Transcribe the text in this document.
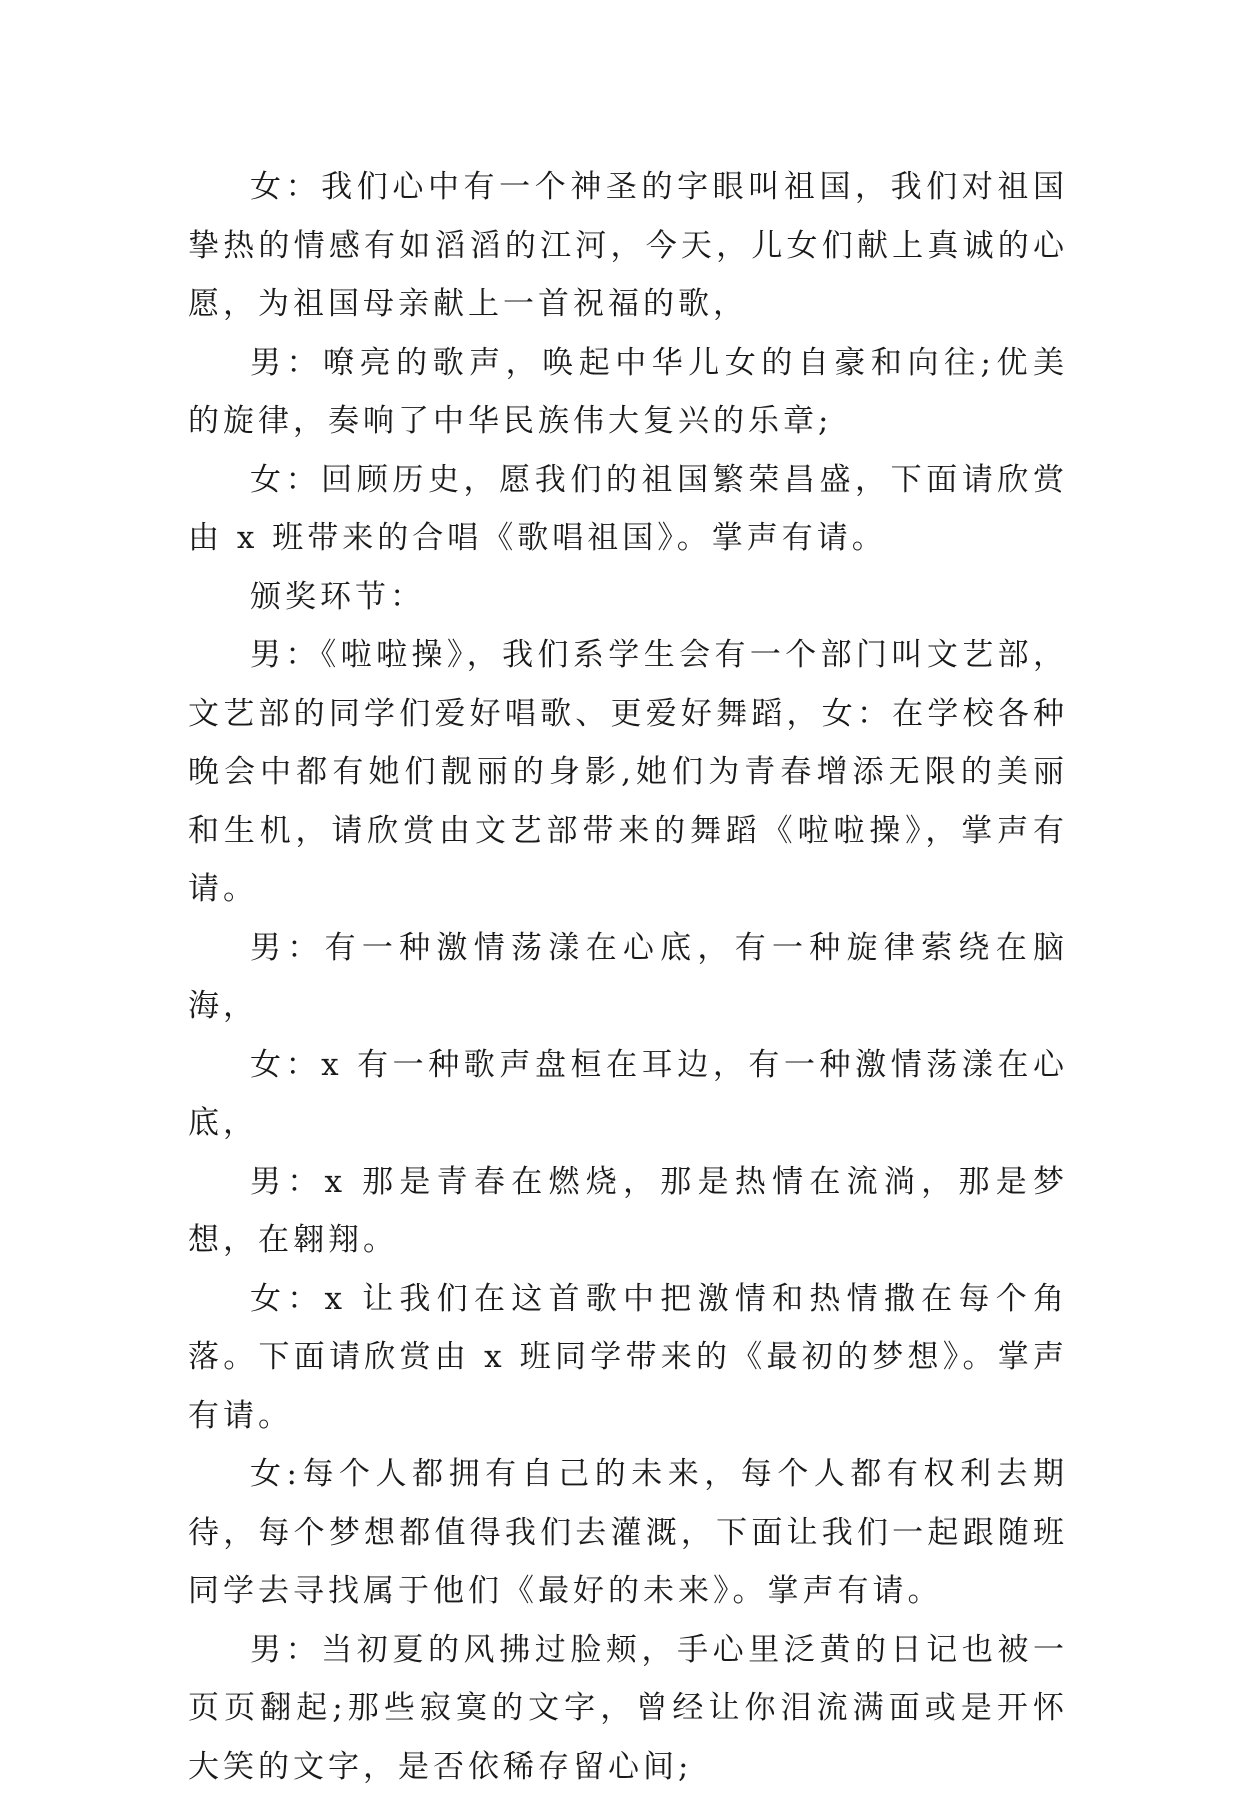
女：我们心中有一个神圣的字眼叫祖国，我们对祖国挚热的情感有如滔滔的江河，今天，儿女们献上真诚的心愿，为祖国母亲献上一首祝福的歌，

男：嘹亮的歌声，唤起中华儿女的自豪和向往;优美的旋律，奏响了中华民族伟大复兴的乐章;

女：回顾历史，愿我们的祖国繁荣昌盛，下面请欣赏由 x 班带来的合唱《歌唱祖国》。掌声有请。

颁奖环节：

男：《啦啦操》，我们系学生会有一个部门叫文艺部，文艺部的同学们爱好唱歌、更爱好舞蹈，女：在学校各种晚会中都有她们靓丽的身影,她们为青春增添无限的美丽和生机，请欣赏由文艺部带来的舞蹈《啦啦操》，掌声有请。

男：有一种激情荡漾在心底，有一种旋律萦绕在脑海，

女：x 有一种歌声盘桓在耳边，有一种激情荡漾在心底，

男：x 那是青春在燃烧，那是热情在流淌，那是梦想，在翱翔。

女：x 让我们在这首歌中把激情和热情撒在每个角落。下面请欣赏由 x 班同学带来的《最初的梦想》。掌声有请。

女:每个人都拥有自己的未来，每个人都有权利去期待，每个梦想都值得我们去灌溉，下面让我们一起跟随班同学去寻找属于他们《最好的未来》。掌声有请。

男：当初夏的风拂过脸颊，手心里泛黄的日记也被一页页翻起;那些寂寞的文字，曾经让你泪流满面或是开怀大笑的文字，是否依稀存留心间;
